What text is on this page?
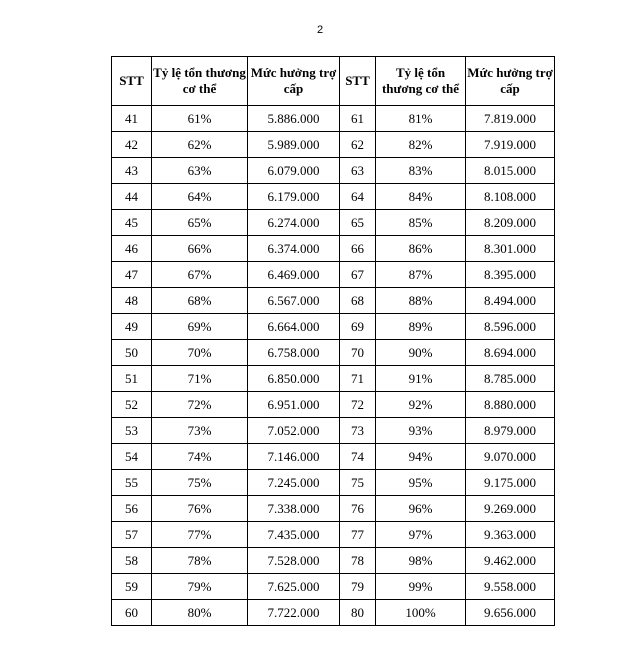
2
STT	Tỷ lệ tổn thương cơ thể	Mức hưởng trợ cấp	STT	Tỷ lệ tổn thương cơ thể	Mức hưởng trợ cấp
41	61%	5.886.000	61	81%	7.819.000
42	62%	5.989.000	62	82%	7.919.000
43	63%	6.079.000	63	83%	8.015.000
44	64%	6.179.000	64	84%	8.108.000
45	65%	6.274.000	65	85%	8.209.000
46	66%	6.374.000	66	86%	8.301.000
47	67%	6.469.000	67	87%	8.395.000
48	68%	6.567.000	68	88%	8.494.000
49	69%	6.664.000	69	89%	8.596.000
50	70%	6.758.000	70	90%	8.694.000
51	71%	6.850.000	71	91%	8.785.000
52	72%	6.951.000	72	92%	8.880.000
53	73%	7.052.000	73	93%	8.979.000
54	74%	7.146.000	74	94%	9.070.000
55	75%	7.245.000	75	95%	9.175.000
56	76%	7.338.000	76	96%	9.269.000
57	77%	7.435.000	77	97%	9.363.000
58	78%	7.528.000	78	98%	9.462.000
59	79%	7.625.000	79	99%	9.558.000
60	80%	7.722.000	80	100%	9.656.000
